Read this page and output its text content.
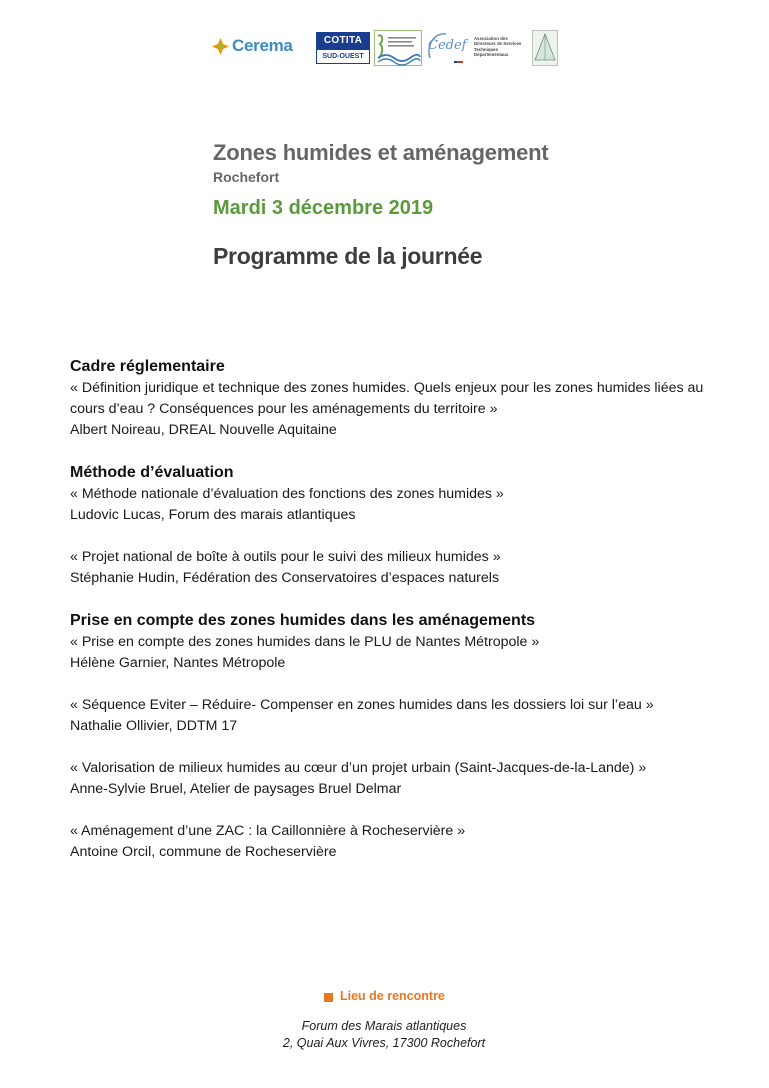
Cerema	COTITA
SUD-OUEST
Cedef Association des Directeurs de Services Techniques Départementaux
Zones humides et aménagement
Rochefort
Mardi 3 décembre 2019
Programme de la journée
Cadre réglementaire
« Définition juridique et technique des zones humides. Quels enjeux pour les zones humides liées au cours d’eau ? Conséquences pour les aménagements du territoire »
Albert Noireau, DREAL Nouvelle Aquitaine
Méthode d’évaluation
« Méthode nationale d’évaluation des fonctions des zones humides »
Ludovic Lucas, Forum des marais atlantiques
« Projet national de boîte à outils pour le suivi des milieux humides »
Stéphanie Hudin, Fédération des Conservatoires d’espaces naturels
Prise en compte des zones humides dans les aménagements
« Prise en compte des zones humides dans le PLU de Nantes Métropole »
Hélène Garnier, Nantes Métropole
« Séquence Eviter – Réduire- Compenser en zones humides dans les dossiers loi sur l’eau »
Nathalie Ollivier, DDTM 17
« Valorisation de milieux humides au cœur d’un projet urbain (Saint-Jacques-de-la-Lande) »
Anne-Sylvie Bruel, Atelier de paysages Bruel Delmar
« Aménagement d’une ZAC : la Caillonnière à Rocheservière »
Antoine Orcil, commune de Rocheservière
Lieu de rencontre
Forum des Marais atlantiques
2, Quai Aux Vivres, 17300 Rochefort
